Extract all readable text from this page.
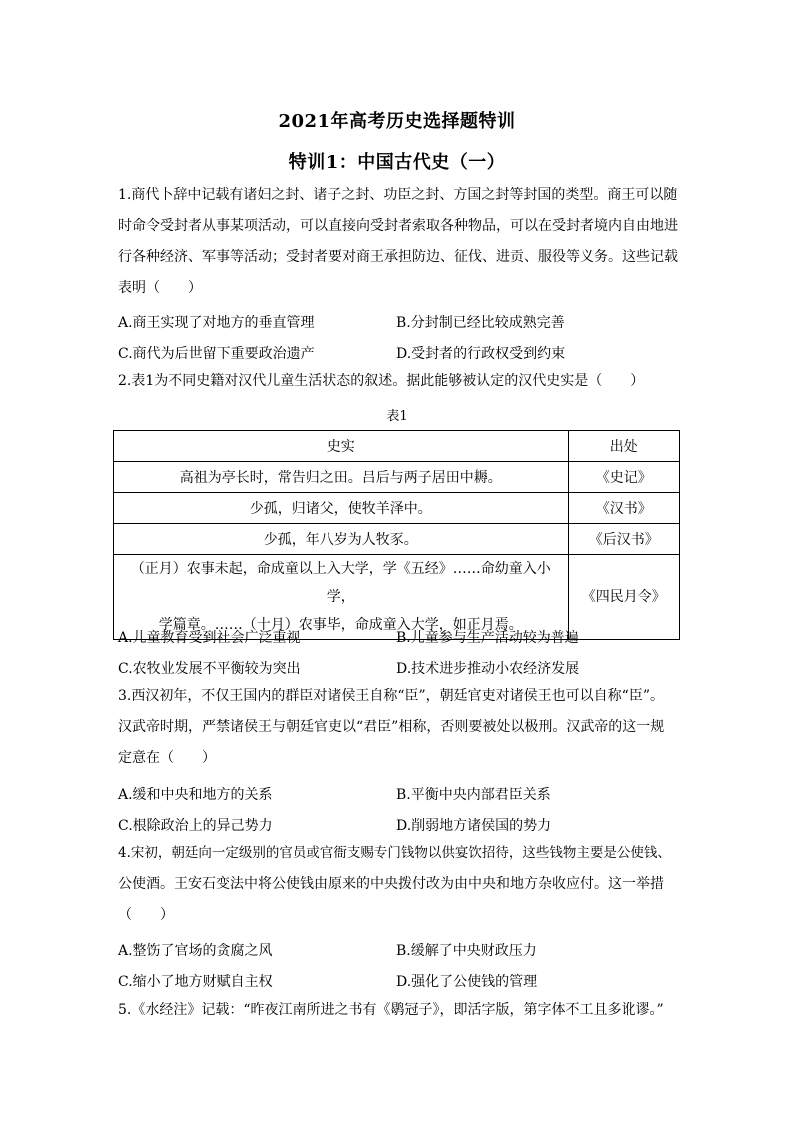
2021年高考历史选择题特训
特训1：中国古代史（一）
1.商代卜辞中记载有诸妇之封、诸子之封、功臣之封、方国之封等封国的类型。商王可以随
时命令受封者从事某项活动，可以直接向受封者索取各种物品，可以在受封者境内自由地进
行各种经济、军事等活动；受封者要对商王承担防边、征伐、进贡、服役等义务。这些记载
表明（　　）
A.商王实现了对地方的垂直管理	B.分封制已经比较成熟完善
C.商代为后世留下重要政治遗产	D.受封者的行政权受到约束
2.表1为不同史籍对汉代儿童生活状态的叙述。据此能够被认定的汉代史实是（　　）
表1
史实	出处
高祖为亭长时，常告归之田。吕后与两子居田中耨。	《史记》
少孤，归诸父，使牧羊泽中。	《汉书》
少孤，年八岁为人牧豕。	《后汉书》

（正月）农事未起，命成童以上入大学，学《五经》……命幼童入小学，
学篇章。……（十月）农事毕，命成童入大学，如正月焉。	《四民月令》
A.儿童教育受到社会广泛重视	B.儿童参与生产活动较为普遍
C.农牧业发展不平衡较为突出	D.技术进步推动小农经济发展
3.西汉初年，不仅王国内的群臣对诸侯王自称“臣”，朝廷官吏对诸侯王也可以自称“臣”。
汉武帝时期，严禁诸侯王与朝廷官吏以“君臣”相称，否则要被处以极刑。汉武帝的这一规
定意在（　　）
A.缓和中央和地方的关系	B.平衡中央内部君臣关系
C.根除政治上的异己势力	D.削弱地方诸侯国的势力
4.宋初，朝廷向一定级别的官员或官衙支赐专门钱物以供宴饮招待，这些钱物主要是公使钱、
公使酒。王安石变法中将公使钱由原来的中央拨付改为由中央和地方杂收应付。这一举措
（　　）
A.整饬了官场的贪腐之风	B.缓解了中央财政压力
C.缩小了地方财赋自主权	D.强化了公使钱的管理
5.《水经注》记载：“昨夜江南所进之书有《鹖冠子》，即活字版，第字体不工且多讹谬。”
